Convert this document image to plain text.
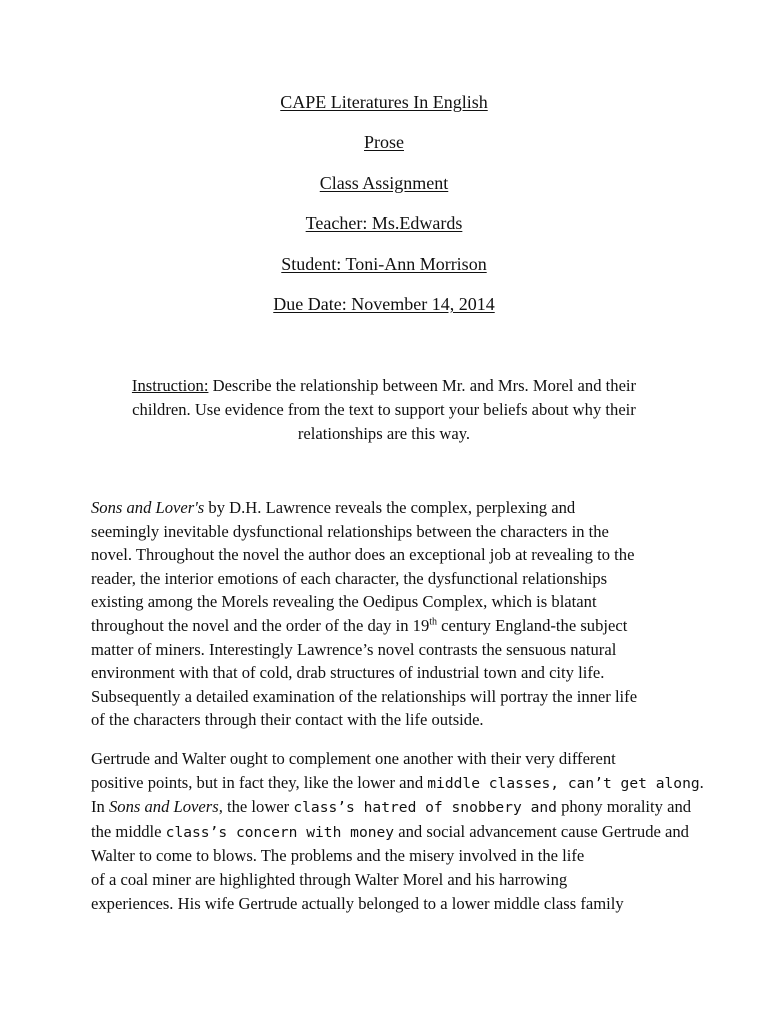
CAPE Literatures In English
Prose
Class Assignment
Teacher: Ms.Edwards
Student: Toni-Ann Morrison
Due Date: November 14, 2014
Instruction: Describe the relationship between Mr. and Mrs. Morel and their
children. Use evidence from the text to support your beliefs about why their
relationships are this way.
Sons and Lover's by D.H. Lawrence reveals the complex, perplexing and
seemingly inevitable dysfunctional relationships between the characters in the
novel. Throughout the novel the author does an exceptional job at revealing to the
reader, the interior emotions of each character, the dysfunctional relationships
existing among the Morels revealing the Oedipus Complex, which is blatant
throughout the novel and the order of the day in 19th century England-the subject
matter of miners. Interestingly Lawrence’s novel contrasts the sensuous natural
environment with that of cold, drab structures of industrial town and city life.
Subsequently a detailed examination of the relationships will portray the inner life
of the characters through their contact with the life outside.
Gertrude and Walter ought to complement one another with their very different
positive points, but in fact they, like the lower and middle classes, can’t get along.
In Sons and Lovers, the lower class’s hatred of snobbery and phony morality and
the middle class’s concern with money and social advancement cause Gertrude and
Walter to come to blows. The problems and the misery involved in the life
of a coal miner are highlighted through Walter Morel and his harrowing
experiences. His wife Gertrude actually belonged to a lower middle class family
